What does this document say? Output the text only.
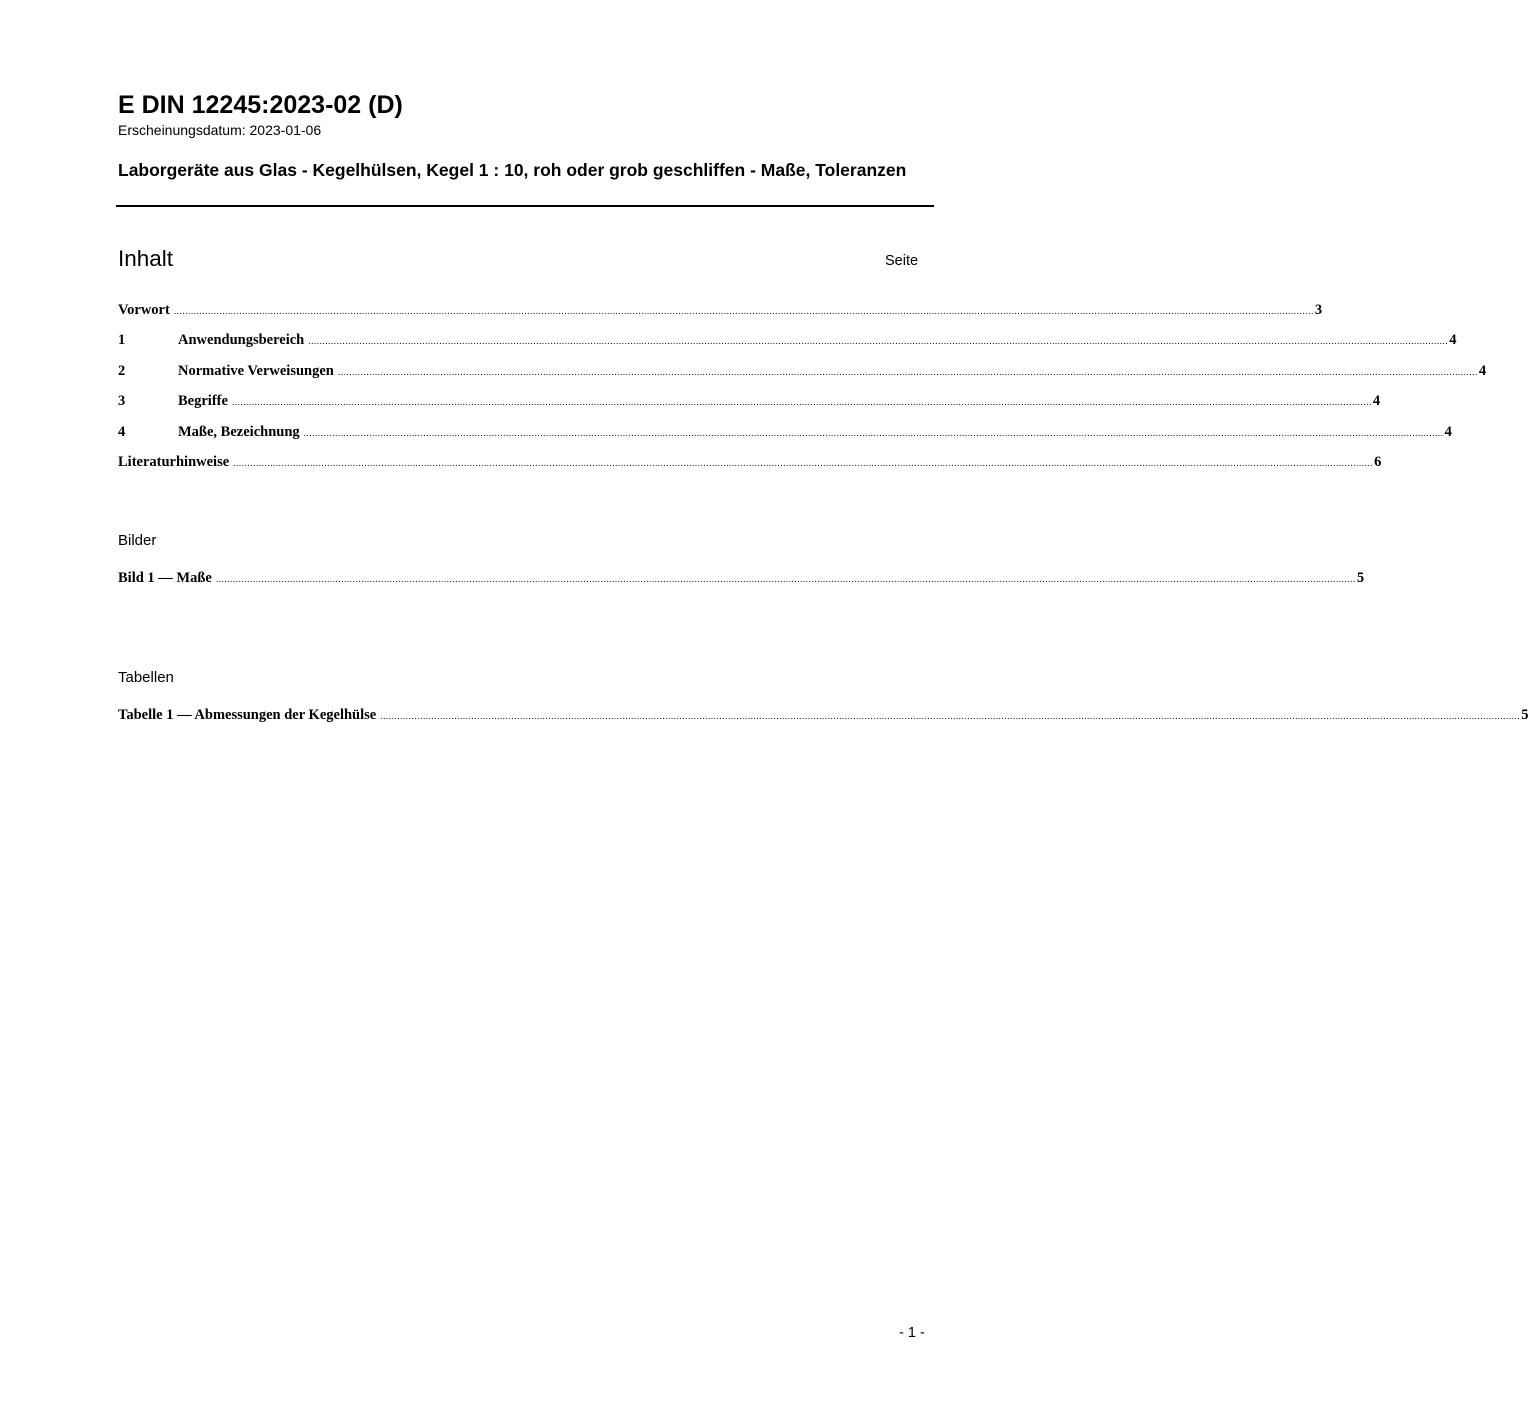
E DIN 12245:2023-02 (D)
Erscheinungsdatum: 2023-01-06
Laborgeräte aus Glas - Kegelhülsen, Kegel 1 : 10, roh oder grob geschliffen - Maße, Toleranzen
Inhalt	Seite
Vorwort ................................................................................................................................................................................................................................................................................................................................................................................................................ 3
1	Anwendungsbereich ................................................................................................................................................................................................................................................................................................................................................................................................................ 4
2	Normative Verweisungen ................................................................................................................................................................................................................................................................................................................................................................................................................ 4
3	Begriffe ................................................................................................................................................................................................................................................................................................................................................................................................................ 4
4	Maße, Bezeichnung ................................................................................................................................................................................................................................................................................................................................................................................................................ 4
Literaturhinweise ................................................................................................................................................................................................................................................................................................................................................................................................................ 6
Bilder
Bild 1 — Maße ................................................................................................................................................................................................................................................................................................................................................................................................................ 5
Tabellen
Tabelle 1 — Abmessungen der Kegelhülse ................................................................................................................................................................................................................................................................................................................................................................................................................ 5
- 1 -
